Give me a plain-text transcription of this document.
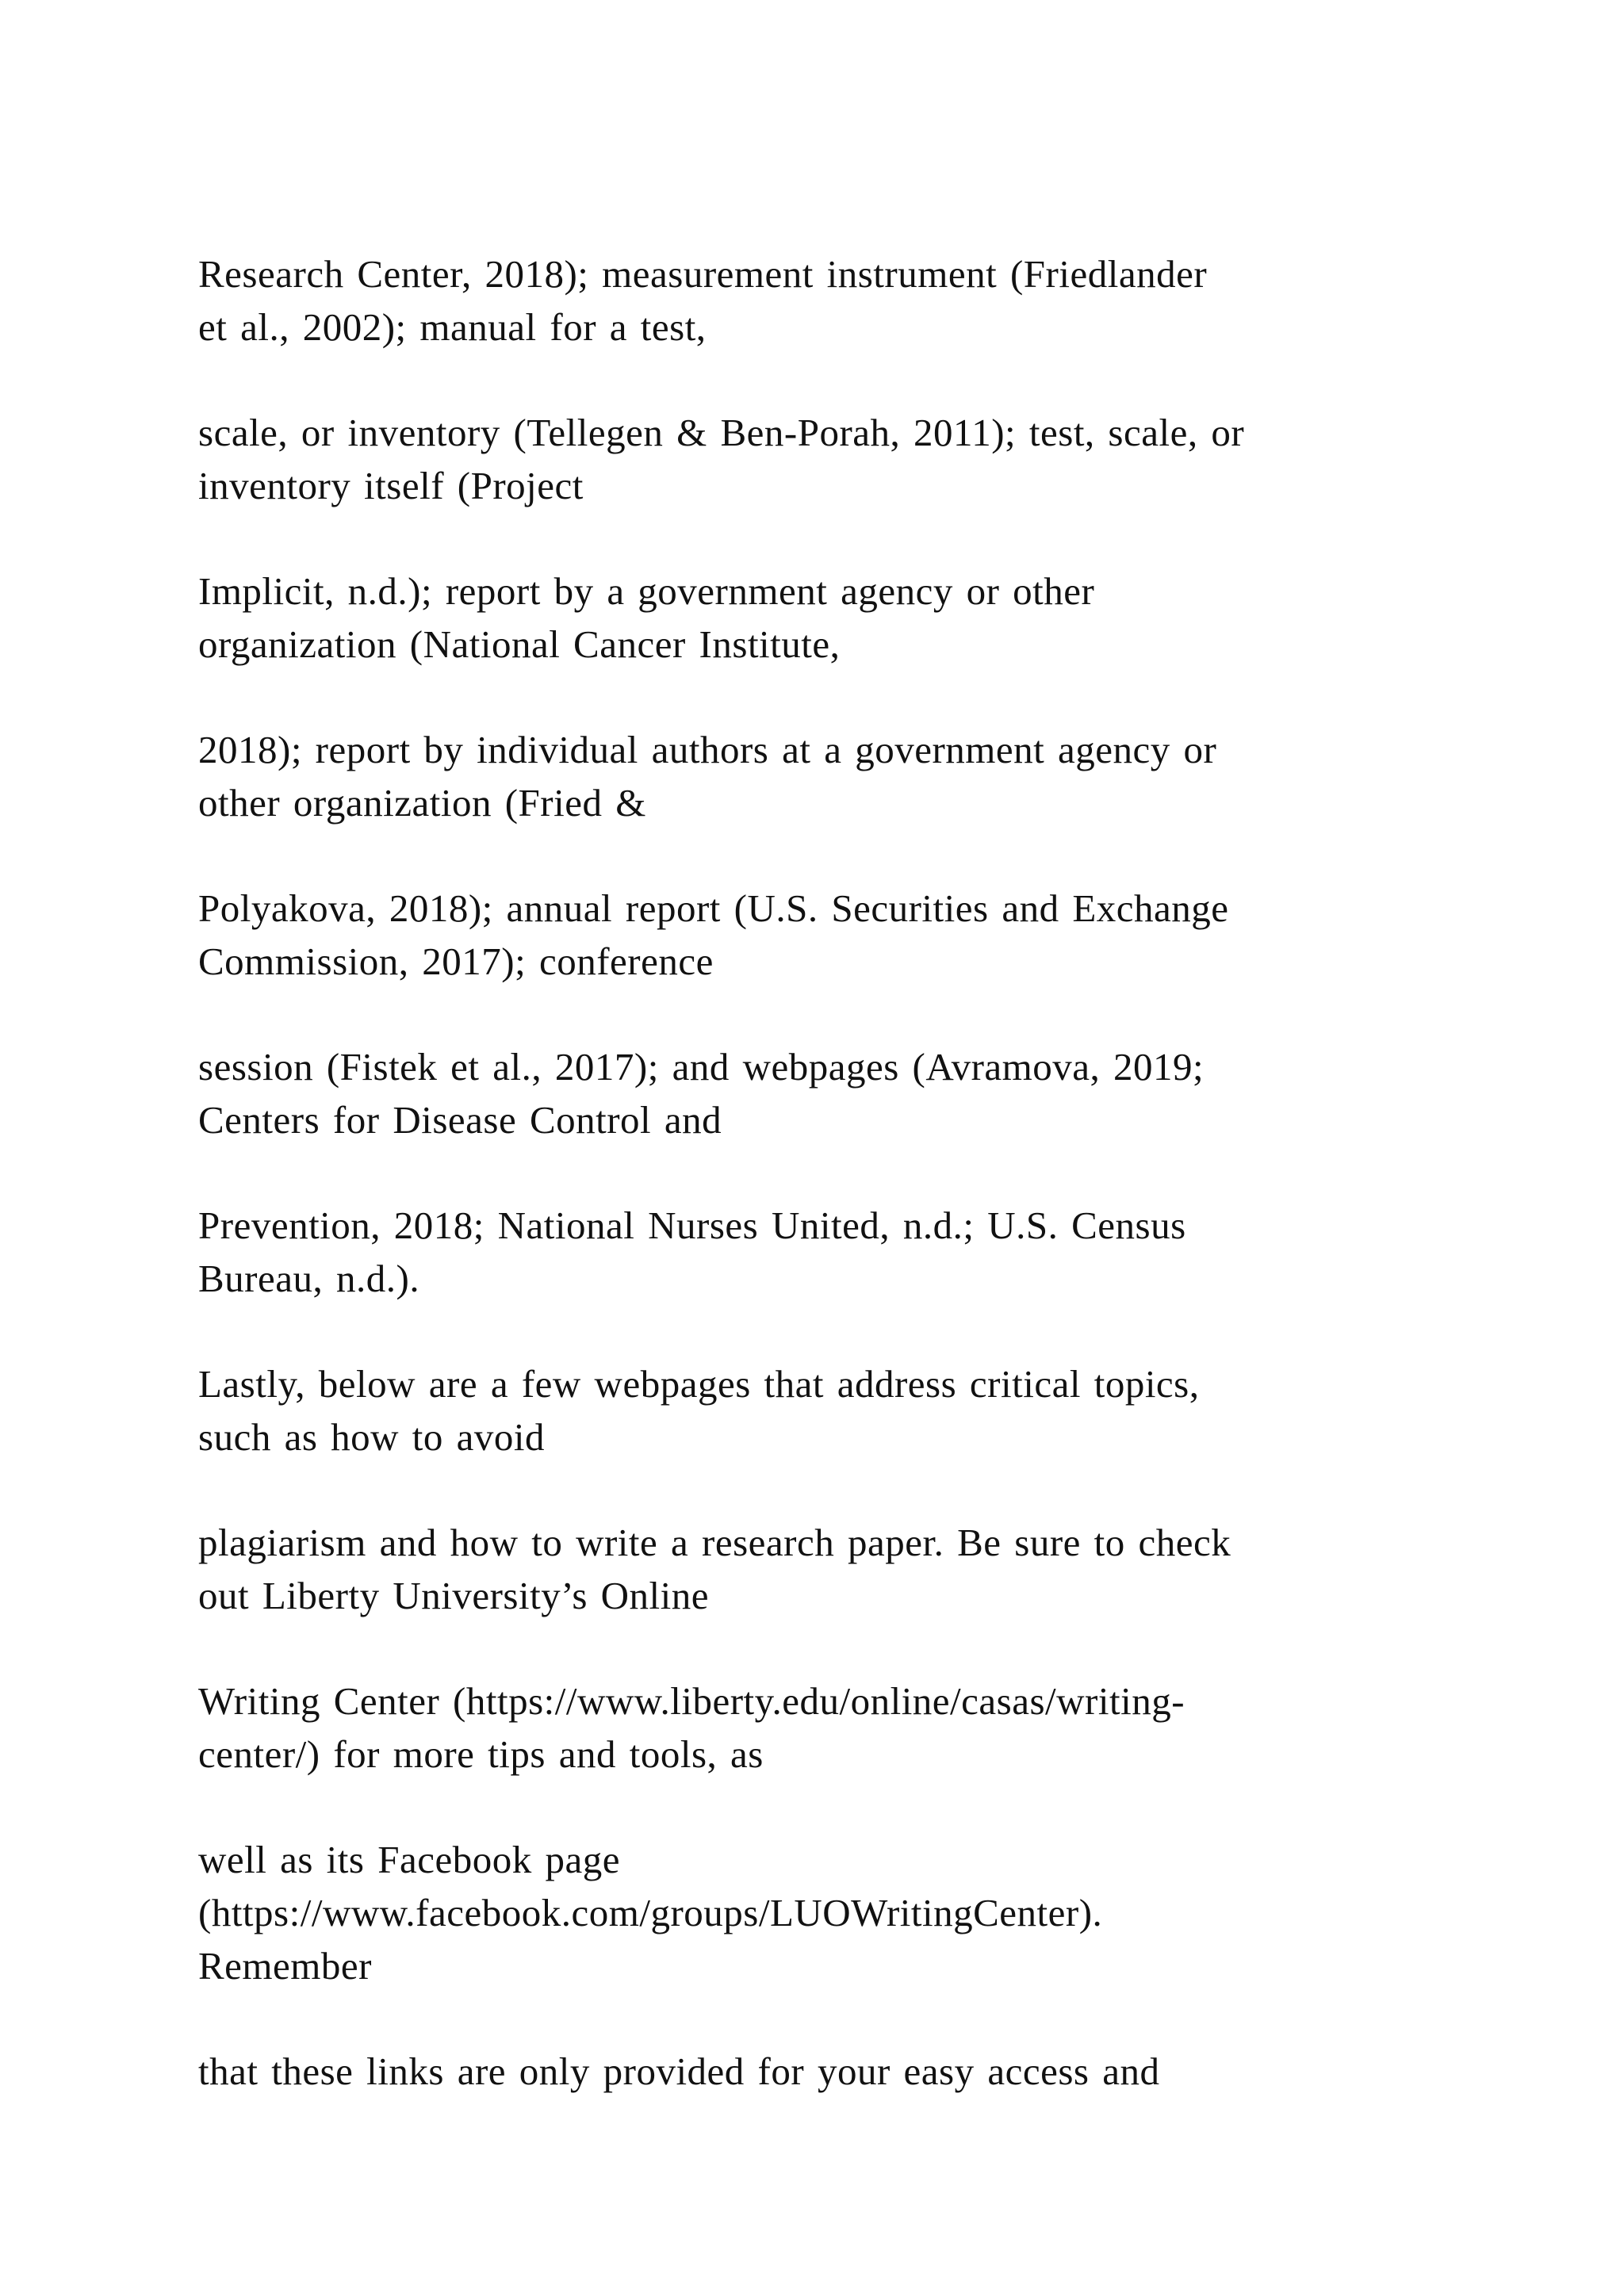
Research Center, 2018); measurement instrument (Friedlander
et al., 2002); manual for a test,

scale, or inventory (Tellegen & Ben-Porah, 2011); test, scale, or
inventory itself (Project

Implicit, n.d.); report by a government agency or other
organization (National Cancer Institute,

2018); report by individual authors at a government agency or
other organization (Fried &

Polyakova, 2018); annual report (U.S. Securities and Exchange
Commission, 2017); conference

session (Fistek et al., 2017); and webpages (Avramova, 2019;
Centers for Disease Control and

Prevention, 2018; National Nurses United, n.d.; U.S. Census
Bureau, n.d.).

Lastly, below are a few webpages that address critical topics,
such as how to avoid

plagiarism and how to write a research paper. Be sure to check
out Liberty University’s Online

Writing Center (https://www.liberty.edu/online/casas/writing-
center/) for more tips and tools, as

well as its Facebook page
(https://www.facebook.com/groups/LUOWritingCenter).
Remember

that these links are only provided for your easy access and
